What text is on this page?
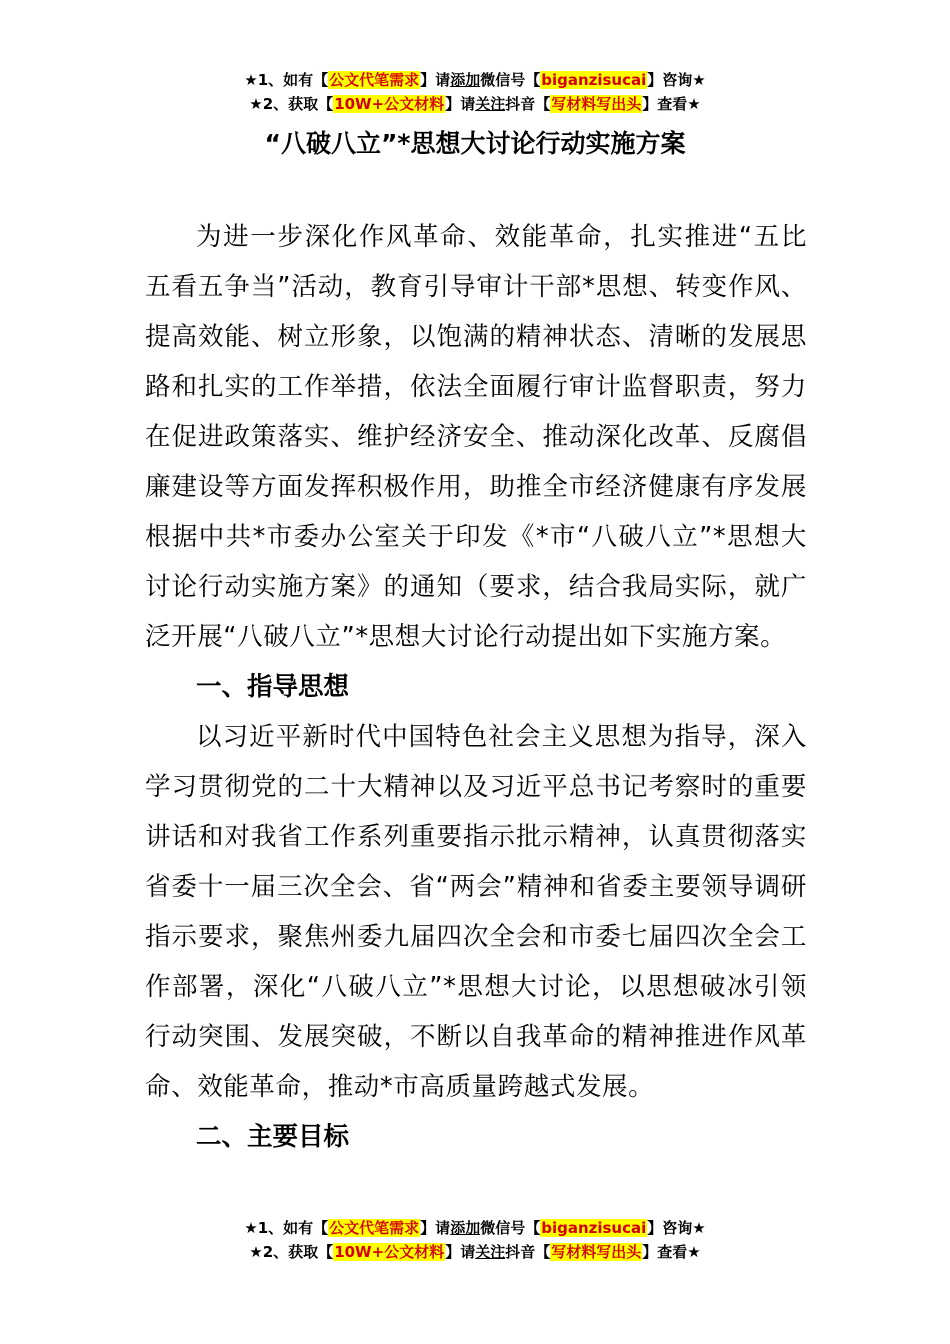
★1、如有【公文代笔需求】请添加微信号【biganzisucai】咨询★
★2、获取【10W+公文材料】请关注抖音【写材料写出头】查看★
“八破八立”*思想大讨论行动实施方案

为进一步深化作风革命、效能革命，扎实推进“五比五看五争当”活动，教育引导审计干部*思想、转变作风、提高效能、树立形象，以饱满的精神状态、清晰的发展思路和扎实的工作举措，依法全面履行审计监督职责，努力在促进政策落实、维护经济安全、推动深化改革、反腐倡廉建设等方面发挥积极作用，助推全市经济健康有序发展根据中共*市委办公室关于印发《*市“八破八立”*思想大讨论行动实施方案》的通知（要求，结合我局实际，就广泛开展“八破八立”*思想大讨论行动提出如下实施方案。

一、指导思想

以习近平新时代中国特色社会主义思想为指导，深入学习贯彻党的二十大精神以及习近平总书记考察时的重要讲话和对我省工作系列重要指示批示精神，认真贯彻落实省委十一届三次全会、省“两会”精神和省委主要领导调研指示要求，聚焦州委九届四次全会和市委七届四次全会工作部署，深化“八破八立”*思想大讨论，以思想破冰引领行动突围、发展突破，不断以自我革命的精神推进作风革命、效能革命，推动*市高质量跨越式发展。

二、主要目标

★1、如有【公文代笔需求】请添加微信号【biganzisucai】咨询★
★2、获取【10W+公文材料】请关注抖音【写材料写出头】查看★
